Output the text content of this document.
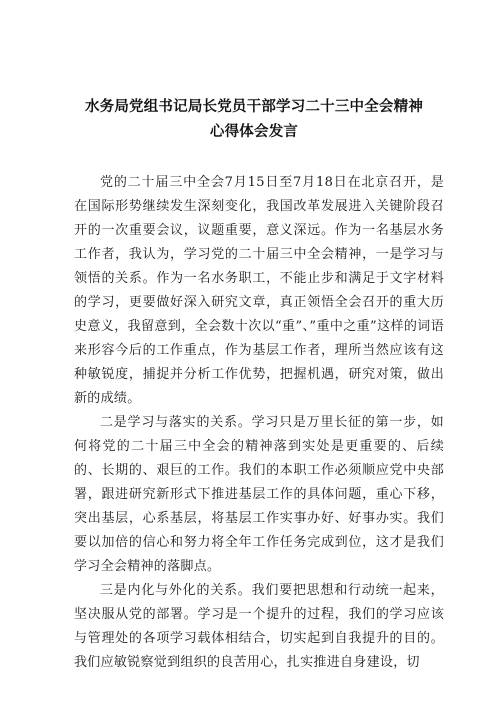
水务局党组书记局长党员干部学习二十三中全会精神
心得体会发言

党的二十届三中全会7月15日至7月18日在北京召开，是在国际形势继续发生深刻变化，我国改革发展进入关键阶段召开的一次重要会议，议题重要，意义深远。作为一名基层水务工作者，我认为，学习党的二十届三中全会精神，一是学习与领悟的关系。作为一名水务职工，不能止步和满足于文字材料的学习，更要做好深入研究文章，真正领悟全会召开的重大历史意义，我留意到，全会数十次以“重”、”重中之重”这样的词语来形容今后的工作重点，作为基层工作者，理所当然应该有这种敏锐度，捕捉并分析工作优势，把握机遇，研究对策，做出新的成绩。

二是学习与落实的关系。学习只是万里长征的第一步，如何将党的二十届三中全会的精神落到实处是更重要的、后续的、长期的、艰巨的工作。我们的本职工作必须顺应党中央部署，跟进研究新形式下推进基层工作的具体问题，重心下移，突出基层，心系基层，将基层工作实事办好、好事办实。我们要以加倍的信心和努力将全年工作任务完成到位，这才是我们学习全会精神的落脚点。

三是内化与外化的关系。我们要把思想和行动统一起来，坚决服从党的部署。学习是一个提升的过程，我们的学习应该与管理处的各项学习载体相结合，切实起到自我提升的目的。我们应敏锐察觉到组织的良苦用心，扎实推进自身建设，切
